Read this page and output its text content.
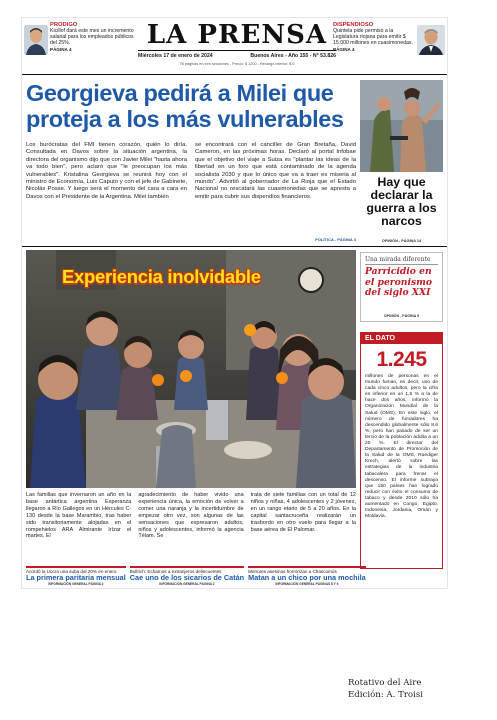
PRODIGO
Kicillof dará este mes un incremento salarial para los empleados públicos del 25%.
PÁGINA 4	LA PRENSA
Miércoles 17 de enero de 2024	Buenos Aires - Año 155 - N° 53.826
76 páginas en tres secciones - Precio: $ 1200 - Recargo interior: $ 0
DISPENDIOSO
Quintela pide permiso a la Legislatura riojana para emitir $ 15.000 millones en cuasimonedas.
PÁGINA 4
Georgieva pedirá a Milei que proteja a los más vulnerables
Los burócratas del FMI tienen corazón, quién lo diría. Consultada en Davos sobre la situación argentina, la directora del organismo dijo que con Javier Milei "hasta ahora va todo bien", pero aclaró que "le preocupan los más vulnerables". Kristalina Georgieva se reunirá hoy con el ministro de Economía, Luis Caputo y con el jefe de Gabinete, Nicolás Posse. Y luego será el momento del cara a cara en Davos con el Presidente de la Argentina. Milei también
se encontrará con el canciller de Gran Bretaña, David Cameron, en las próximas horas. Declaró al portal Infobae que el objetivo del viaje a Suiza es "plantar las ideas de la libertad en un foro que está contaminado de la agenda socialista 2030 y que lo único que va a traer es miseria al mundo". Advirtió al gobernador de La Rioja que el Estado Nacional no rescatará las cuasimonedas que se apresta a emitir para cubrir sus dispendios financieros.
POLÍTICA - PÁGINA 3
Hay que declarar la guerra a los narcos
OPINIÓN - PÁGINA 14
Experiencia inolvidable
Las familias que invernaron un año en la base antártica argentina Esperanza llegaron a Río Gallegos en un Hércules C-130 desde la base Marambio, tras haber sido transitoriamente alojadas en el rompehielos ARA Almirante Irízar el martes. El
agradecimiento de haber vivido una experiencia única, la emoción de volver a comer una naranja y la incertidumbre de empezar otro vez, son algunas de las sensaciones que expresaron adultos, niños y adolescentes, informó la agencia Télam. Se
trata de siete familias con un total de 12 niños y niñas, 4 adolescentes y 2 jóvenes, en un rango etario de 5 a 20 años. En la capital santacruceña realizarán un trasbordo en otro vuelo para llegar a la base aérea de El Palomar.
Una mirada diferente
Parricidio en el peronismo del siglo XXI
OPINIÓN - PÁGINA 5
EL DATO
1.245
millones de personas en el mundo fuman, es decir, uno de cada cinco adultos, pero la cifra es inferior en un 1,5 % a la de hace dos años, informó la Organización Mundial de la Salud (OMS). En este siglo, el número de fumadores ha descendido globalmente sólo 8,6 %, pero han pasado de ser un tercio de la población adulta a un 20 %. El director del Departamento de Promoción de la Salud de la OMS, Ruediger Krech, alertó sobre las estrategias de la industria tabacalera para frenar el descenso. El informe subraya que 150 países han logrado reducir con éxito el consumo de tabaco y desde 2010 sólo ha aumentado en Congo, Egipto, Indonesia, Jordania, Omán y Moldavia.
Acordó la Uocra una suba del 20% en enero
La primera paritaria mensual
INFORMACIÓN GENERAL PÁGINA 2
Bullrich: Echamos a extranjeros delincuentes
Cae uno de los sicarios de Catán
INFORMACIÓN GENERAL PÁGINA 2
Menores asesinos horrorizan a Chascomús
Matan a un chico por una mochila
INFORMACIÓN GENERAL PÁGINAS 8 Y 9
Rotativo del Aire
Edición: A. Troisi
